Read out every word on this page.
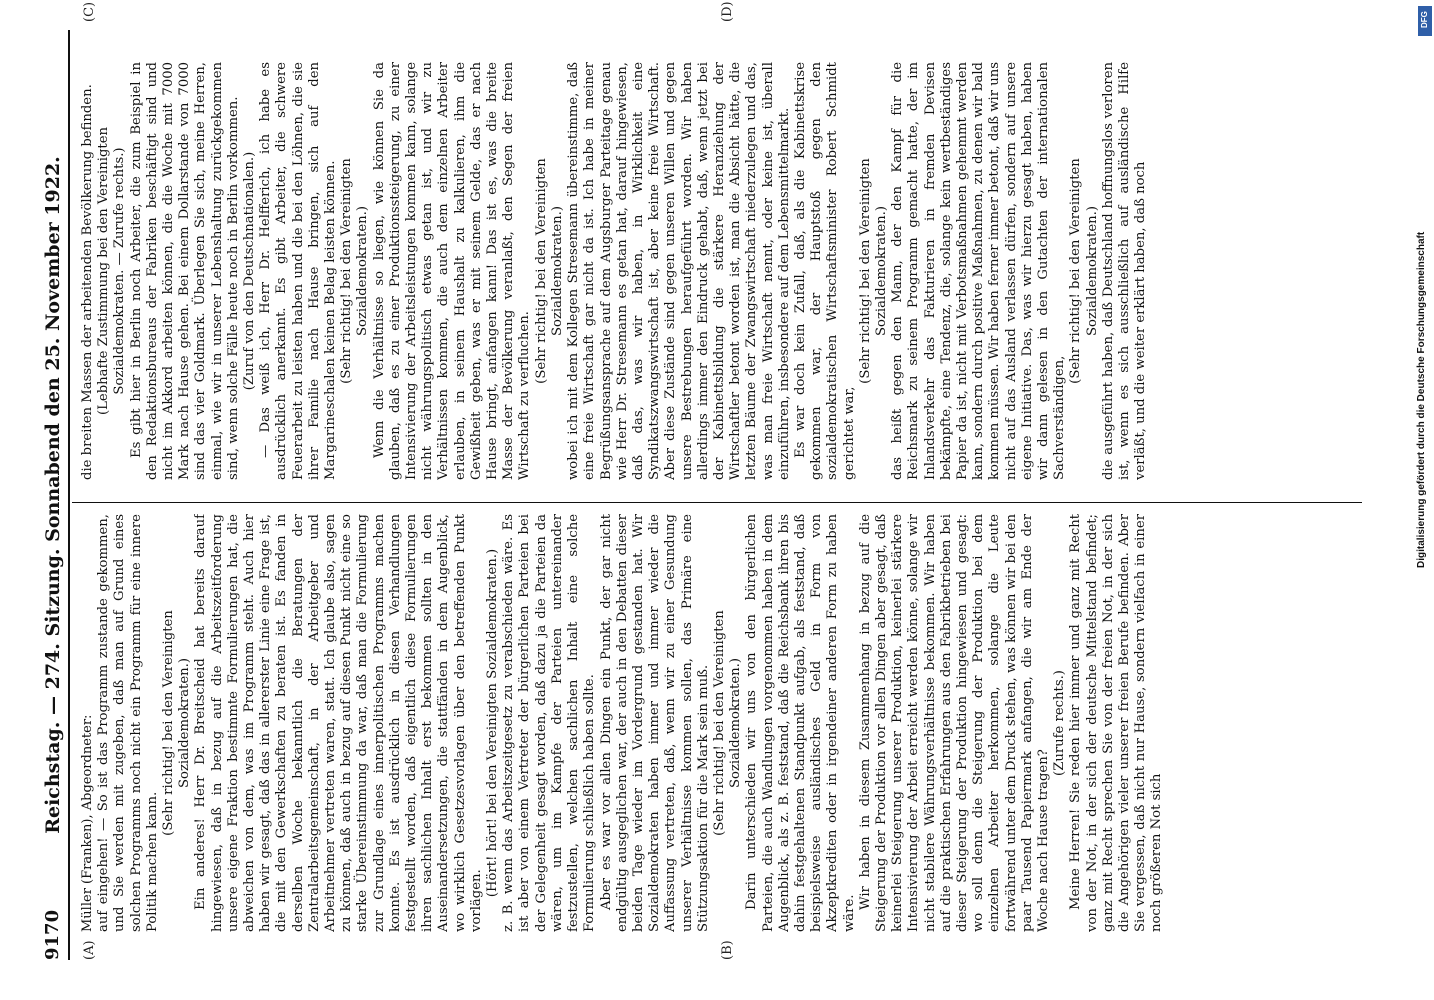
9170
Reichstag. — 274. Sitzung. Sonnabend den 25. November 1922.
(A)	(B)
(C)	(D)

Müller (Franken), Abgeordneter: auf eingehen! — So ist das Programm zustande gekommen, und Sie werden mit zugeben, daß man auf Grund eines solchen Programms noch nicht ein Programm für eine innere Politik machen kann.

(Sehr richtig! bei den Vereinigten Sozialdemokraten.) Ein anderes! Herr Dr. Breitscheid hat bereits darauf hingewiesen, daß in bezug auf die Arbeitszeitforderung unsere eigene Fraktion bestimmte Formulierungen hat, die abweichen von dem, was im Programm steht. Auch hier haben wir gesagt, daß das in allererster Linie eine Frage ist, die mit den Gewerkschaften zu beraten ist. Es fanden in derselben Woche bekanntlich die Beratungen der Zentralarbeitsgemeinschaft, in der Arbeitgeber und Arbeitnehmer vertreten waren, statt. Ich glaube also, sagen zu können, daß auch in bezug auf diesen Punkt nicht eine so starke Übereinstimmung da war, daß man die Formulierung zur Grundlage eines innerpolitischen Programms machen konnte. Es ist ausdrücklich in diesen Verhandlungen festgestellt worden, daß eigentlich diese Formulierungen ihren sachlichen Inhalt erst bekommen sollten in den Auseinandersetzungen, die stattfänden in dem Augenblick, wo wirklich Gesetzesvorlagen über den betreffenden Punkt vorlägen.

(Hört! hört! bei den Vereinigten Sozialdemokraten.) z. B. wenn das Arbeitszeitgesetz zu verabschieden wäre. Es ist aber von einem Vertreter der bürgerlichen Parteien bei der Gelegenheit gesagt worden, daß dazu ja die Parteien da wären, um im Kampfe der Parteien untereinander festzustellen, welchen sachlichen Inhalt eine solche Formulierung schließlich haben sollte. Aber es war vor allen Dingen ein Punkt, der gar nicht endgültig ausgeglichen war, der auch in den Debatten dieser beiden Tage wieder im Vordergrund gestanden hat. Wir Sozialdemokraten haben immer und immer wieder die Auffassung vertreten, daß, wenn wir zu einer Gesundung unserer Verhältnisse kommen sollen, das Primäre eine Stützungsaktion für die Mark sein muß. (Sehr richtig! bei den Vereinigten Sozialdemokraten.) Darin unterschieden wir uns von den bürgerlichen Parteien, die auch Wandlungen vorgenommen haben in dem Augenblick, als z. B. feststand, daß die Reichsbank ihren bis dahin festgehaltenen Standpunkt aufgab, als feststand, daß beispielsweise ausländisches Geld in Form von Akzeptkrediten oder in irgendeiner anderen Form zu haben wäre.

Wir haben in diesem Zusammenhang in bezug auf die Steigerung der Produktion vor allen Dingen aber gesagt, daß keinerlei Steigerung unserer Produktion, keinerlei stärkere Intensivierung der Arbeit erreicht werden könne, solange wir nicht stabilere Währungsverhältnisse bekommen. Wir haben auf die praktischen Erfahrungen aus den Fabrikbetrieben bei dieser Steigerung der Produktion hingewiesen und gesagt: wo soll denn die Steigerung der Produktion bei dem einzelnen Arbeiter herkommen, solange die Leute fortwährend unter dem Druck stehen, was können wir bei den paar Tausend Papiermark anfangen, die wir am Ende der Woche nach Hause tragen?

(Zurufe rechts.) Meine Herren! Sie reden hier immer und ganz mit Recht von der Not, in der sich der deutsche Mittelstand befindet; ganz mit Recht sprechen Sie von der freien Not, in der sich die Angehörigen vieler unserer freien Berufe befinden. Aber Sie vergessen, daß nicht nur Hause, sondern vielfach in einer noch größeren Not sich

die breiten Massen der arbeitenden Bevölkerung befinden. (Lebhafte Zustimmung bei den Vereinigten Sozialdemokraten. — Zurufe rechts.) Es gibt hier in Berlin noch Arbeiter, die zum Beispiel in den Redaktionsbureaus der Fabriken beschäftigt sind und nicht im Akkord arbeiten können, die die Woche mit 7000 Mark nach Hause gehen. Bei einem Dollarstande von 7000 sind das vier Goldmark. Überlegen Sie sich, meine Herren, einmal, wie wir in unserer Lebenshaltung zurückgekommen sind, wenn solche Fälle heute noch in Berlin vorkommen. (Zuruf von den Deutschnationalen.) — Das weiß ich, Herr Dr. Helfferich, ich habe es ausdrücklich anerkannt. Es gibt Arbeiter, die schwere Feuerarbeit zu leisten haben und die bei den Löhnen, die sie ihrer Familie nach Hause bringen, sich auf den Margarineschalen keinen Belag leisten können. (Sehr richtig! bei den Vereinigten Sozialdemokraten.) Wenn die Verhältnisse so liegen, wie können Sie da glauben, daß es zu einer Produktionssteigerung, zu einer Intensivierung der Arbeitsleistungen kommen kann, solange nicht währungspolitisch etwas getan ist, und wir zu Verhältnissen kommen, die auch dem einzelnen Arbeiter erlauben, in seinem Haushalt zu kalkulieren, ihm die Gewißheit geben, was er mit seinem Gelde, das er nach Hause bringt, anfangen kann! Das ist es, was die breite Masse der Bevölkerung veranlaßt, den Segen der freien Wirtschaft zu verfluchen.

(Sehr richtig! bei den Vereinigten Sozialdemokraten.) wobei ich mit dem Kollegen Stresemann übereinstimme, daß eine freie Wirtschaft gar nicht da ist. Ich habe in meiner Begrüßungsansprache auf dem Augsburger Parteitage genau wie Herr Dr. Stresemann es getan hat, darauf hingewiesen, daß das, was wir haben, in Wirklichkeit eine Syndikatszwangswirtschaft ist, aber keine freie Wirtschaft. Aber diese Zustände sind gegen unseren Willen und gegen unsere Bestrebungen heraufgeführt worden. Wir haben allerdings immer den Eindruck gehabt, daß, wenn jetzt bei der Kabinettsbildung die stärkere Heranziehung der Wirtschaftler betont worden ist, man die Absicht hätte, die letzten Bäume der Zwangswirtschaft niederzulegen und das, was man freie Wirtschaft nennt, oder keine ist, überall einzuführen, insbesondere auf dem Lebensmittelmarkt. Es war doch kein Zufall, daß, als die Kabinettskrise gekommen war, der Hauptstoß gegen den sozialdemokratischen Wirtschaftsminister Robert Schmidt gerichtet war,

(Sehr richtig! bei den Vereinigten Sozialdemokraten.) das heißt gegen den Mann, der den Kampf für die Reichsmark zu seinem Programm gemacht hatte, der im Inlandsverkehr das Fakturieren in fremden Devisen bekämpfte, eine Tendenz, die, solange kein wertbeständiges Papier da ist, nicht mit Verbotsmaßnahmen gehemmt werden kann, sondern durch positive Maßnahmen, zu denen wir bald kommen müssen. Wir haben ferner immer betont, daß wir uns nicht auf das Ausland verlassen dürfen, sondern auf unsere eigene Initiative. Das, was wir hierzu gesagt haben, haben wir dann gelesen in den Gutachten der internationalen Sachverständigen,

(Sehr richtig! bei den Vereinigten Sozialdemokraten.) die ausgeführt haben, daß Deutschland hoffnungslos verloren ist, wenn es sich ausschließlich auf ausländische Hilfe verläßt, und die weiter erklärt haben, daß noch

DFG
Digitalisierung gefördert durch die Deutsche Forschungsgemeinschaft
